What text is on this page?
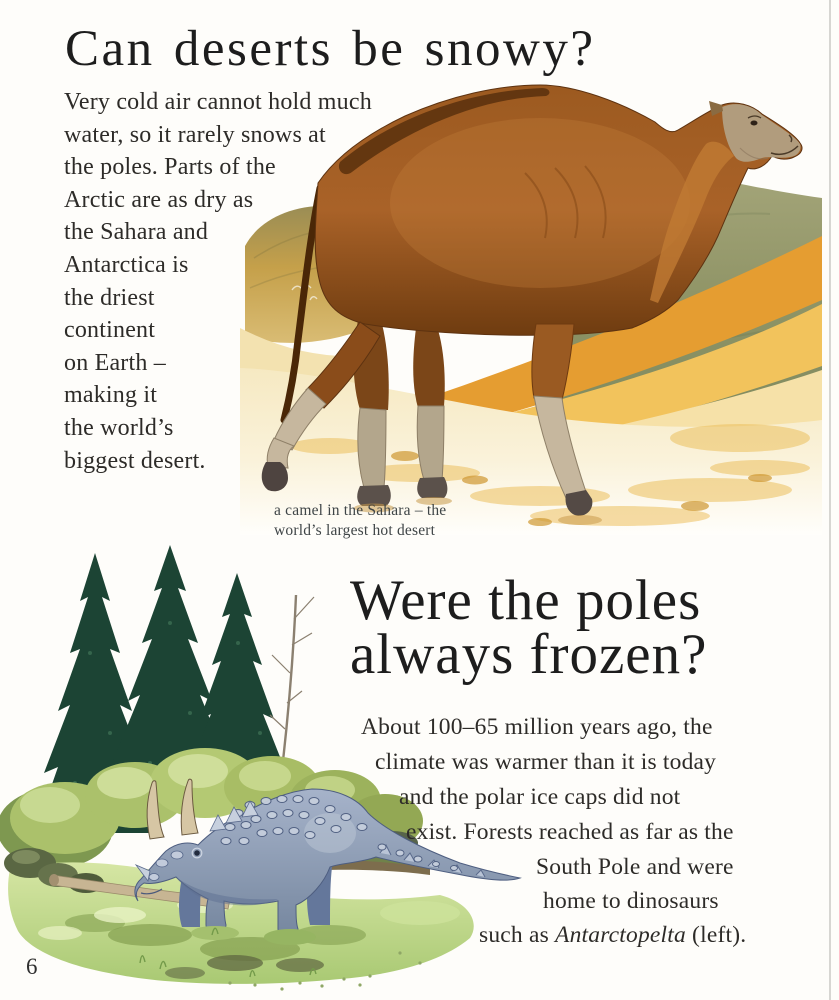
Can deserts be snowy?
Very cold air cannot hold much
water, so it rarely snows at
the poles. Parts of the
Arctic are as dry as
the Sahara and
Antarctica is
the driest
continent
on Earth –
making it
the world’s
biggest desert.
a camel in the Sahara – the
world’s largest hot desert
Were the poles
always frozen?
About 100–65 million years ago, the
climate was warmer than it is today
and the polar ice caps did not
exist. Forests reached as far as the
South Pole and were
home to dinosaurs
such as Antarctopelta (left).
6
